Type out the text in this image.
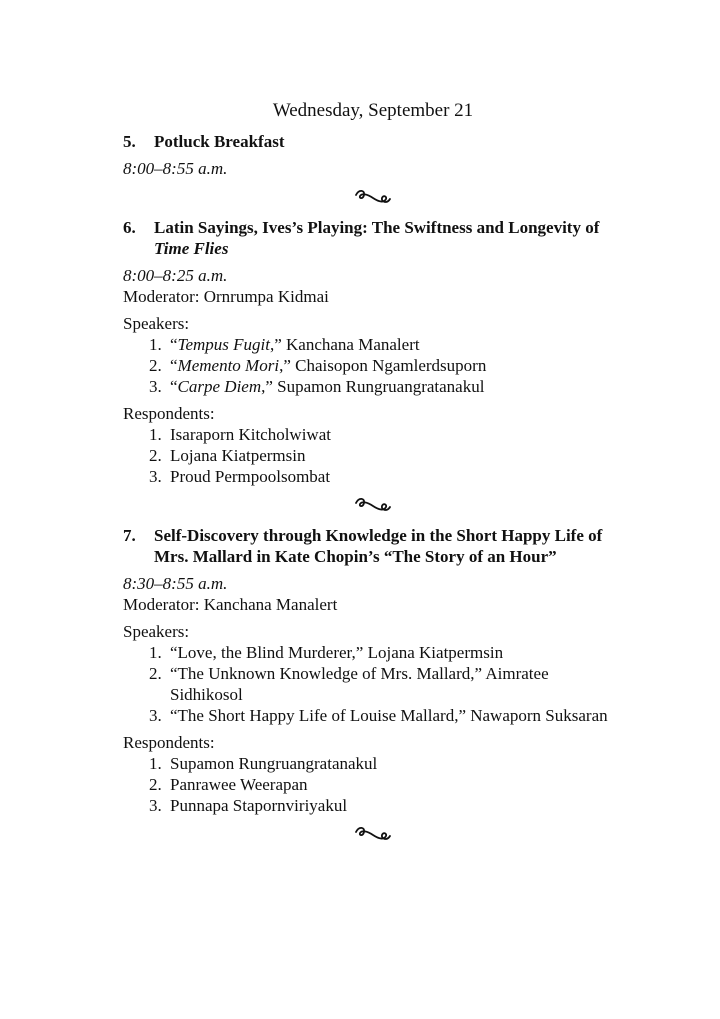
Wednesday, September 21
5.	Potluck Breakfast
8:00–8:55 a.m.
6.	Latin Sayings, Ives’s Playing: The Swiftness and Longevity of Time Flies
8:00–8:25 a.m.
Moderator: Ornrumpa Kidmai
Speakers:
1. “Tempus Fugit,” Kanchana Manalert
2. “Memento Mori,” Chaisopon Ngamlerdsuporn
3. “Carpe Diem,” Supamon Rungruangratanakul
Respondents:
1. Isaraporn Kitcholwiwat
2. Lojana Kiatpermsin
3. Proud Permpoolsombat
7.	Self-Discovery through Knowledge in the Short Happy Life of Mrs. Mallard in Kate Chopin’s “The Story of an Hour”
8:30–8:55 a.m.
Moderator: Kanchana Manalert
Speakers:
1. “Love, the Blind Murderer,” Lojana Kiatpermsin
2. “The Unknown Knowledge of Mrs. Mallard,” Aimratee Sidhikosol
3. “The Short Happy Life of Louise Mallard,” Nawaporn Suksaran
Respondents:
1. Supamon Rungruangratanakul
2. Panrawee Weerapan
3. Punnapa Stapornviriyakul
